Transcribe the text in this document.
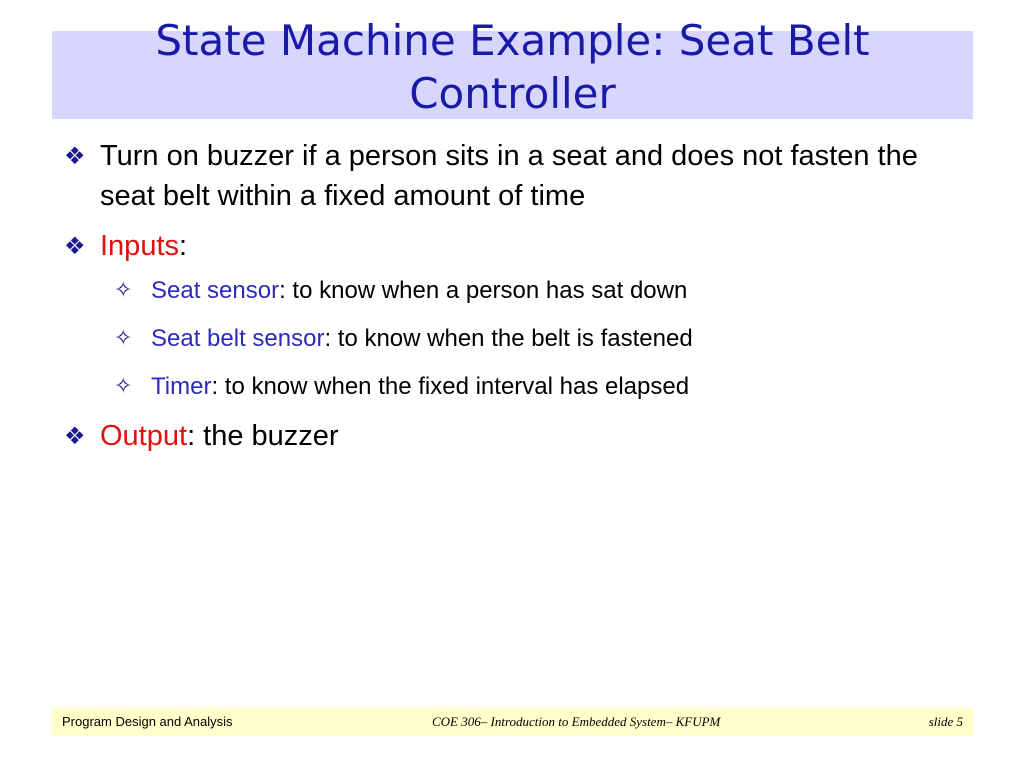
State Machine Example: Seat Belt Controller
❖ Turn on buzzer if a person sits in a seat and does not fasten the seat belt within a fixed amount of time
❖ Inputs:
✧ Seat sensor: to know when a person has sat down
✧ Seat belt sensor: to know when the belt is fastened
✧ Timer: to know when the fixed interval has elapsed
❖ Output: the buzzer
Program Design and Analysis	COE 306– Introduction to Embedded System– KFUPM	slide 5
